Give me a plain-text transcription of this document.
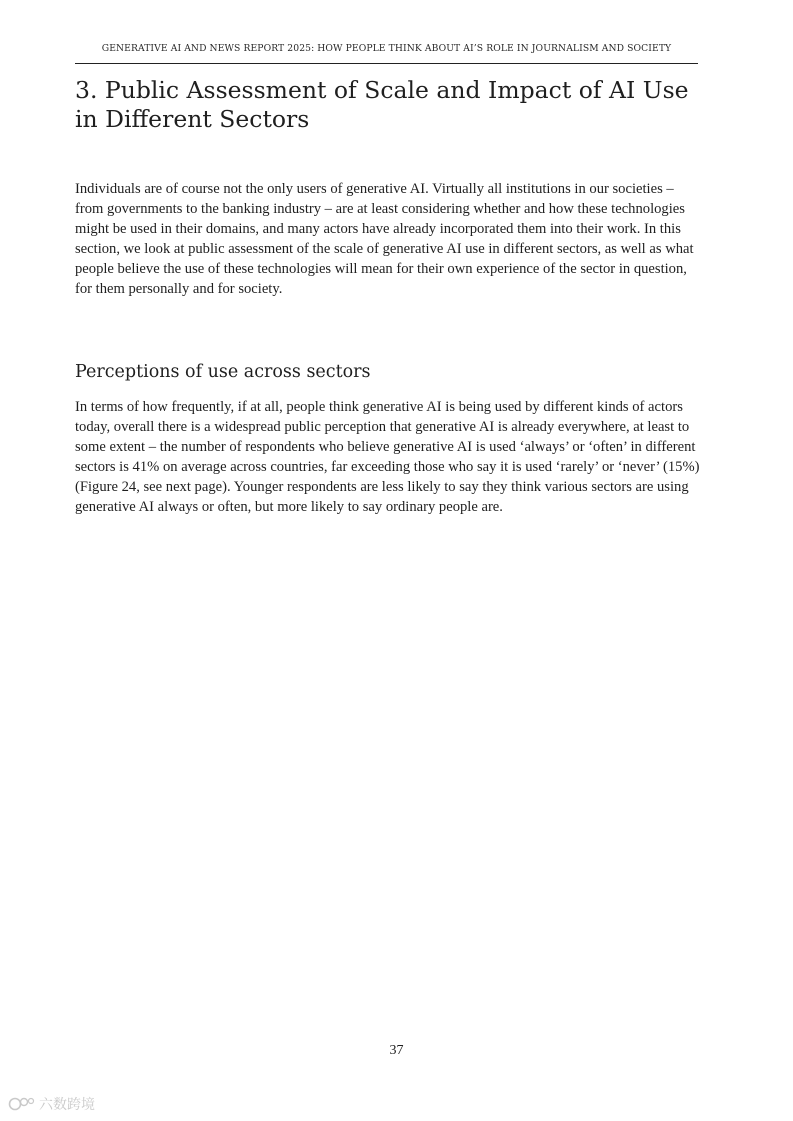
GENERATIVE AI AND NEWS REPORT 2025: HOW PEOPLE THINK ABOUT AI’S ROLE IN JOURNALISM AND SOCIETY
3. Public Assessment of Scale and Impact of AI Use in Different Sectors

Individuals are of course not the only users of generative AI. Virtually all institutions in our societies – from governments to the banking industry – are at least considering whether and how these technologies might be used in their domains, and many actors have already incorporated them into their work. In this section, we look at public assessment of the scale of generative AI use in different sectors, as well as what people believe the use of these technologies will mean for their own experience of the sector in question, for them personally and for society.

Perceptions of use across sectors

In terms of how frequently, if at all, people think generative AI is being used by different kinds of actors today, overall there is a widespread public perception that generative AI is already everywhere, at least to some extent – the number of respondents who believe generative AI is used ‘always’ or ‘often’ in different sectors is 41% on average across countries, far exceeding those who say it is used ‘rarely’ or ‘never’ (15%) (Figure 24, see next page). Younger respondents are less likely to say they think various sectors are using generative AI always or often, but more likely to say ordinary people are.

37
六数跨境
